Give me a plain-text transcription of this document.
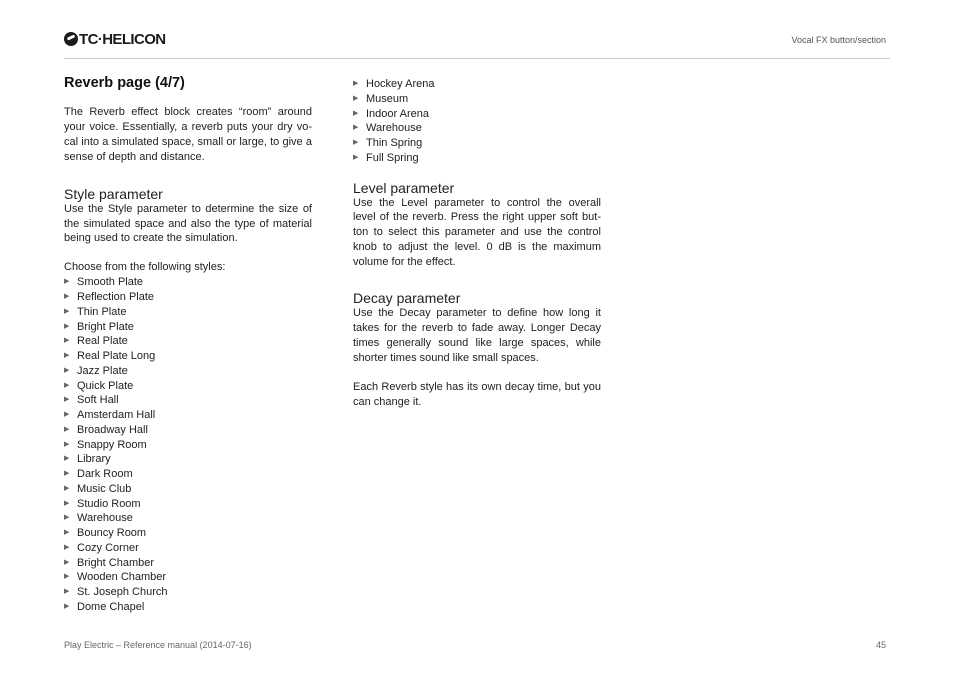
TC·HELICON	Vocal FX button/section
Reverb page (4/7)

The Reverb effect block creates “room” around your voice. Essentially, a reverb puts your dry vo-cal into a simulated space, small or large, to give a sense of depth and distance.

Style parameter

Use the Style parameter to determine the size of the simulated space and also the type of material being used to create the simulation.

Choose from the following styles:

▶ Smooth Plate
▶ Reflection Plate
▶ Thin Plate
▶ Bright Plate
▶ Real Plate
▶ Real Plate Long
▶ Jazz Plate
▶ Quick Plate
▶ Soft Hall
▶ Amsterdam Hall
▶ Broadway Hall
▶ Snappy Room
▶ Library
▶ Dark Room
▶ Music Club
▶ Studio Room
▶ Warehouse
▶ Bouncy Room
▶ Cozy Corner
▶ Bright Chamber
▶ Wooden Chamber
▶ St. Joseph Church
▶ Dome Chapel
▶ Hockey Arena
▶ Museum
▶ Indoor Arena
▶ Warehouse
▶ Thin Spring
▶ Full Spring
Level parameter

Use the Level parameter to control the overall level of the reverb. Press the right upper soft but-ton to select this parameter and use the control knob to adjust the level. 0 dB is the maximum volume for the effect.

Decay parameter

Use the Decay parameter to define how long it takes for the reverb to fade away. Longer Decay times generally sound like large spaces, while shorter times sound like small spaces.

Each Reverb style has its own decay time, but you can change it.

Play Electric – Reference manual (2014-07-16)	45
